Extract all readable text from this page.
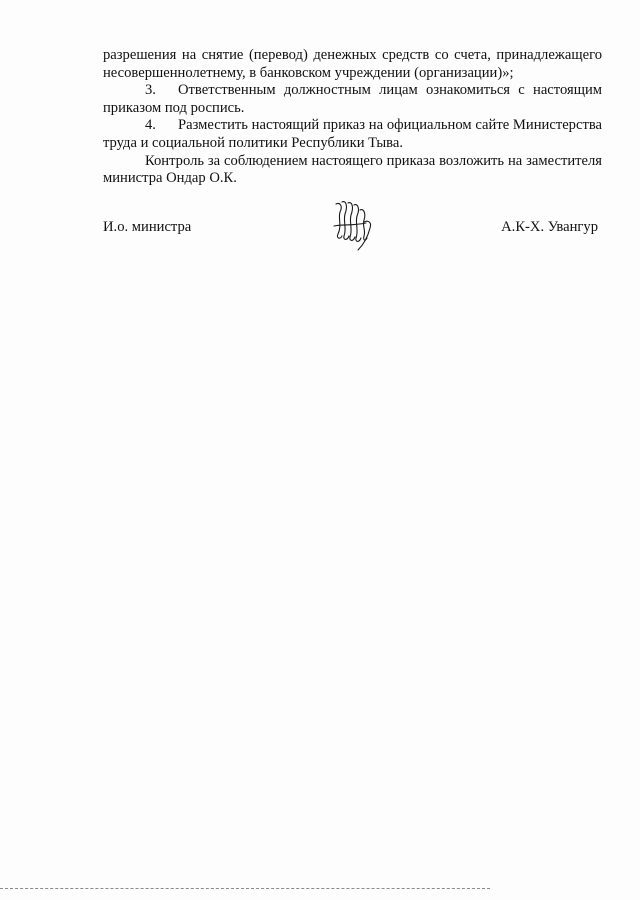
разрешения на снятие (перевод) денежных средств со счета, принадлежащего несовершеннолетнему, в банковском учреждении (организации)»;

3. Ответственным должностным лицам ознакомиться с настоящим приказом под роспись.

4. Разместить настоящий приказ на официальном сайте Министерства труда и социальной политики Республики Тыва.

Контроль за соблюдением настоящего приказа возложить на заместителя министра Ондар О.К.

И.о. министра	А.К-Х. Увангур
